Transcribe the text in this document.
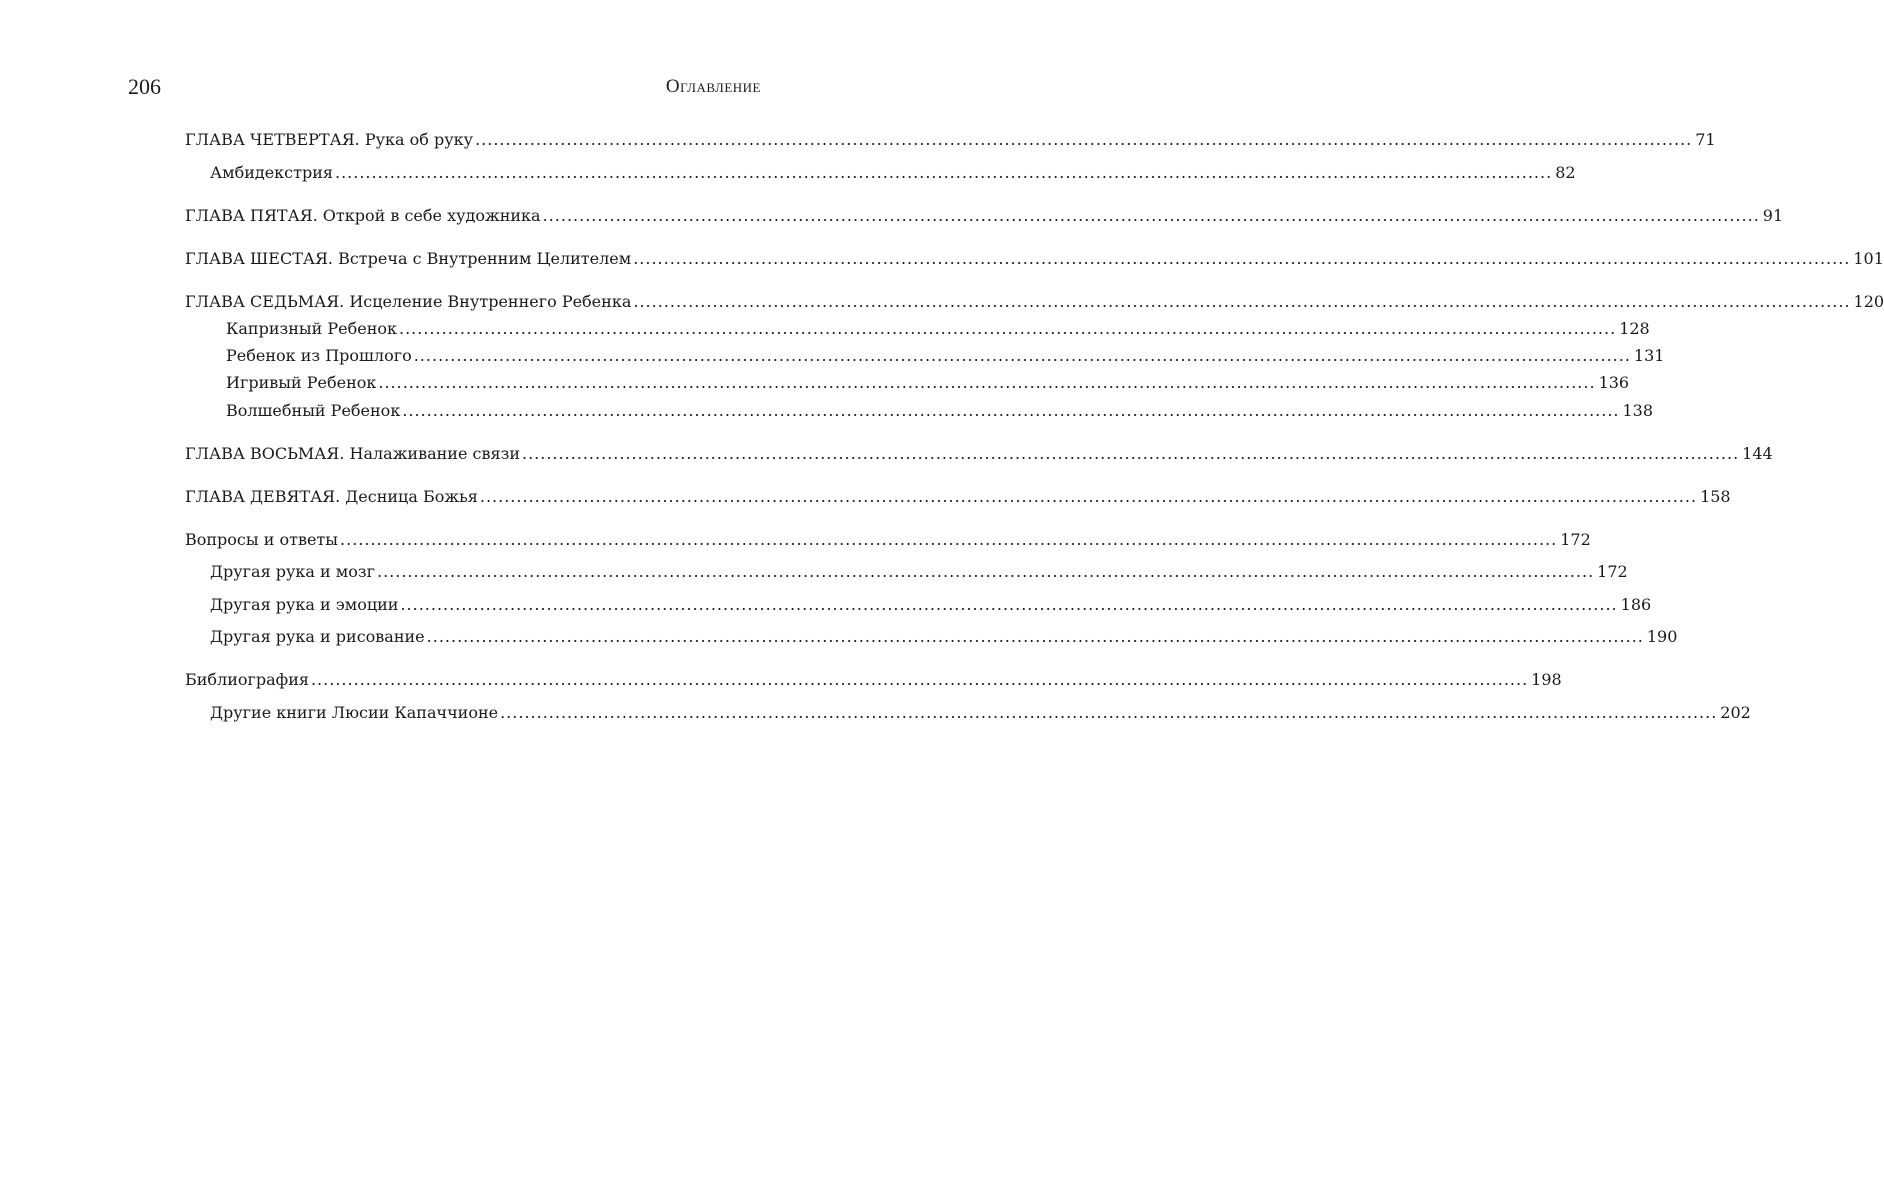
206	Оглавление
ГЛАВА ЧЕТВЕРТАЯ. Рука об руку ........................................................................................................................................................................................................ 71
Амбидекстрия ........................................................................................................................................................................................................ 82
ГЛАВА ПЯТАЯ. Открой в себе художника ........................................................................................................................................................................................................ 91
ГЛАВА ШЕСТАЯ. Встреча с Внутренним Целителем ........................................................................................................................................................................................................ 101
ГЛАВА СЕДЬМАЯ. Исцеление Внутреннего Ребенка ........................................................................................................................................................................................................ 120
Капризный Ребенок ........................................................................................................................................................................................................ 128
Ребенок из Прошлого ........................................................................................................................................................................................................ 131
Игривый Ребенок ........................................................................................................................................................................................................ 136
Волшебный Ребенок ........................................................................................................................................................................................................ 138
ГЛАВА ВОСЬМАЯ. Налаживание связи ........................................................................................................................................................................................................ 144
ГЛАВА ДЕВЯТАЯ. Десница Божья ........................................................................................................................................................................................................ 158
Вопросы и ответы ........................................................................................................................................................................................................ 172
Другая рука и мозг ........................................................................................................................................................................................................ 172
Другая рука и эмоции ........................................................................................................................................................................................................ 186
Другая рука и рисование ........................................................................................................................................................................................................ 190
Библиография ........................................................................................................................................................................................................ 198
Другие книги Люсии Капаччионе ........................................................................................................................................................................................................ 202
